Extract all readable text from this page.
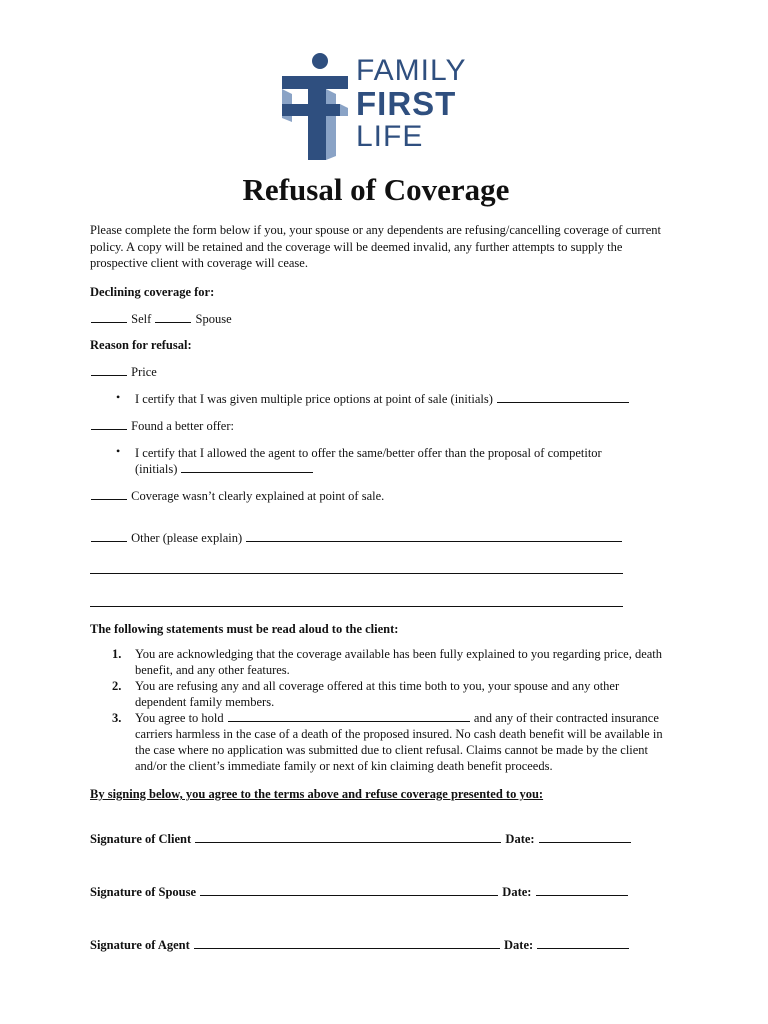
FAMILY
FIRST
LIFE
Refusal of Coverage
Please complete the form below if you, your spouse or any dependents are refusing/cancelling coverage of current policy. A copy will be retained and the coverage will be deemed invalid, any further attempts to supply the prospective client with coverage will cease.
Declining coverage for:
Self	Spouse
Reason for refusal:
Price
• I certify that I was given multiple price options at point of sale (initials)
Found a better offer:
• I certify that I allowed the agent to offer the same/better offer than the proposal of competitor
(initials)
Coverage wasn’t clearly explained at point of sale.
Other (please explain)
The following statements must be read aloud to the client:
1. You are acknowledging that the coverage available has been fully explained to you regarding price, death benefit, and any other features.
2. You are refusing any and all coverage offered at this time both to you, your spouse and any other dependent family members.
3. You agree to hold	and any of their contracted insurance carriers harmless in the case of a death of the proposed insured. No cash death benefit will be available in the case where no application was submitted due to client refusal. Claims cannot be made by the client and/or the client’s immediate family or next of kin claiming death benefit proceeds.
By signing below, you agree to the terms above and refuse coverage presented to you:
Signature of Client	Date:
Signature of Spouse	Date:
Signature of Agent	Date:
